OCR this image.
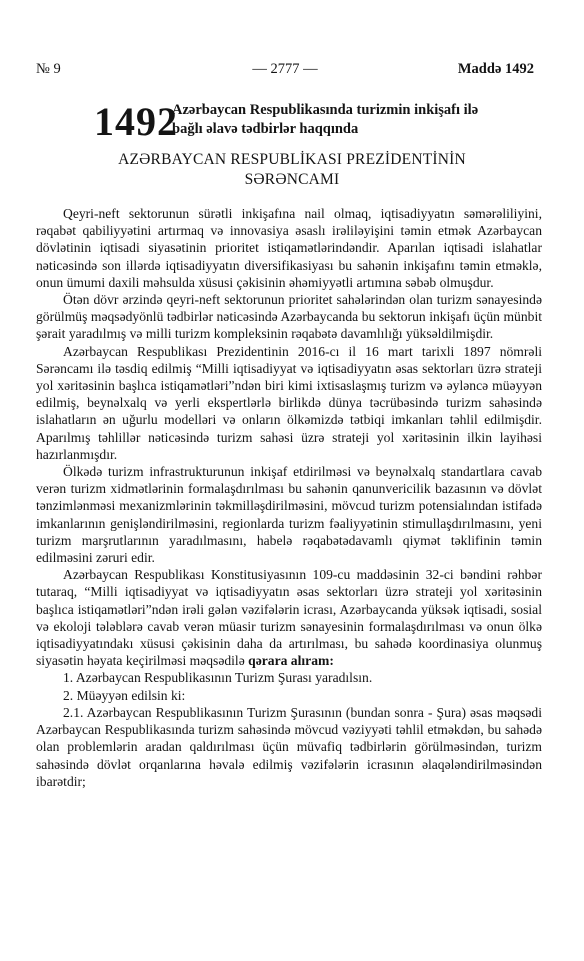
№ 9	— 2777 —	Maddə 1492
1492
Azərbaycan Respublikasında turizmin inkişafı ilə
bağlı əlavə tədbirlər haqqında
AZƏRBAYCAN RESPUBLİKASI PREZİDENTİNİN
SƏRƏNCAMI

Qeyri-neft sektorunun sürətli inkişafına nail olmaq, iqtisadiyyatın səmərəliliyini, rəqabət qabiliyyətini artırmaq və innovasiya əsaslı irəliləyişini təmin etmək Azərbaycan dövlətinin iqtisadi siyasətinin prioritet istiqamətlərindəndir. Aparılan iqtisadi islahatlar nəticəsində son illərdə iqtisadiyyatın diversifikasiyası bu sahənin inkişafını təmin etməklə, onun ümumi daxili məhsulda xüsusi çəkisinin əhəmiyyətli artımına səbəb olmuşdur.

Ötən dövr ərzində qeyri-neft sektorunun prioritet sahələrindən olan turizm sənayesində görülmüş məqsədyönlü tədbirlər nəticəsində Azərbaycanda bu sektorun inkişafı üçün münbit şərait yaradılmış və milli turizm kompleksinin rəqabətə davamlılığı yüksəldilmişdir.

Azərbaycan Respublikası Prezidentinin 2016-cı il 16 mart tarixli 1897 nömrəli Sərəncamı ilə təsdiq edilmiş “Milli iqtisadiyyat və iqtisadiyyatın əsas sektorları üzrə strateji yol xəritəsinin başlıca istiqamətləri”ndən biri kimi ixtisaslaşmış turizm və əyləncə müəyyən edilmiş, beynəlxalq və yerli ekspertlərlə birlikdə dünya təcrübəsində turizm sahəsində islahatların ən uğurlu modelləri və onların ölkəmizdə tətbiqi imkanları təhlil edilmişdir. Aparılmış təhlillər nəticəsində turizm sahəsi üzrə strateji yol xəritəsinin ilkin layihəsi hazırlanmışdır.

Ölkədə turizm infrastrukturunun inkişaf etdirilməsi və beynəlxalq standartlara cavab verən turizm xidmətlərinin formalaşdırılması bu sahənin qanunvericilik bazasının və dövlət tənzimlənməsi mexanizmlərinin təkmilləşdirilməsini, mövcud turizm potensialından istifadə imkanlarının genişləndirilməsini, regionlarda turizm fəaliyyətinin stimullaşdırılmasını, yeni turizm marşrutlarının yaradılmasını, habelə rəqabətədavamlı qiymət təklifinin təmin edilməsini zəruri edir.

Azərbaycan Respublikası Konstitusiyasının 109-cu maddəsinin 32-ci bəndini rəhbər tutaraq, “Milli iqtisadiyyat və iqtisadiyyatın əsas sektorları üzrə strateji yol xəritəsinin başlıca istiqamətləri”ndən irəli gələn vəzifələrin icrası, Azərbaycanda yüksək iqtisadi, sosial və ekoloji tələblərə cavab verən müasir turizm sənayesinin formalaşdırılması və onun ölkə iqtisadiyyatındakı xüsusi çəkisinin daha da artırılması, bu sahədə koordinasiya olunmuş siyasətin həyata keçirilməsi məqsədilə qərara alıram:

1. Azərbaycan Respublikasının Turizm Şurası yaradılsın.

2. Müəyyən edilsin ki:

2.1. Azərbaycan Respublikasının Turizm Şurasının (bundan sonra - Şura) əsas məqsədi Azərbaycan Respublikasında turizm sahəsində mövcud vəziyyəti təhlil etməkdən, bu sahədə olan problemlərin aradan qaldırılması üçün müvafiq tədbirlərin görülməsindən, turizm sahəsində dövlət orqanlarına həvalə edilmiş vəzifələrin icrasının əlaqələndirilməsindən ibarətdir;
